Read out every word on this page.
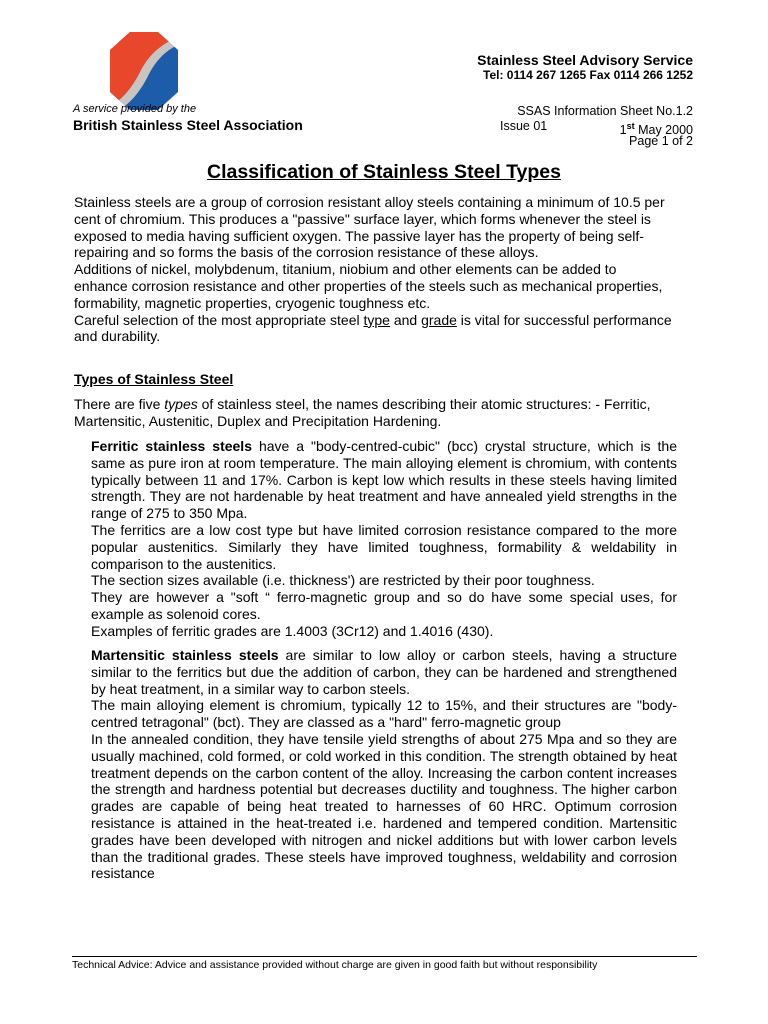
A service provided by the
British Stainless Steel Association
Stainless Steel Advisory Service
Tel: 0114 267 1265 Fax 0114 266 1252
SSAS Information Sheet No.1.2
Issue 01	1st May 2000
Page 1 of 2
Classification of Stainless Steel Types

Stainless steels are a group of corrosion resistant alloy steels containing a minimum of 10.5 per cent of chromium. This produces a "passive" surface layer, which forms whenever the steel is exposed to media having sufficient oxygen. The passive layer has the property of being self-repairing and so forms the basis of the corrosion resistance of these alloys.

Additions of nickel, molybdenum, titanium, niobium and other elements can be added to enhance corrosion resistance and other properties of the steels such as mechanical properties, formability, magnetic properties, cryogenic toughness etc.

Careful selection of the most appropriate steel type and grade is vital for successful performance and durability.

Types of Stainless Steel

There are five types of stainless steel, the names describing their atomic structures: - Ferritic, Martensitic, Austenitic, Duplex and Precipitation Hardening.

Ferritic stainless steels have a "body-centred-cubic" (bcc) crystal structure, which is the same as pure iron at room temperature. The main alloying element is chromium, with contents typically between 11 and 17%. Carbon is kept low which results in these steels having limited strength. They are not hardenable by heat treatment and have annealed yield strengths in the range of 275 to 350 Mpa.

The ferritics are a low cost type but have limited corrosion resistance compared to the more popular austenitics. Similarly they have limited toughness, formability & weldability in comparison to the austenitics.

The section sizes available (i.e. thickness') are restricted by their poor toughness.

They are however a "soft “ ferro-magnetic group and so do have some special uses, for example as solenoid cores.

Examples of ferritic grades are 1.4003 (3Cr12) and 1.4016 (430).

Martensitic stainless steels are similar to low alloy or carbon steels, having a structure similar to the ferritics but due the addition of carbon, they can be hardened and strengthened by heat treatment, in a similar way to carbon steels.

The main alloying element is chromium, typically 12 to 15%, and their structures are "body-centred tetragonal" (bct). They are classed as a "hard" ferro-magnetic group

In the annealed condition, they have tensile yield strengths of about 275 Mpa and so they are usually machined, cold formed, or cold worked in this condition. The strength obtained by heat treatment depends on the carbon content of the alloy. Increasing the carbon content increases the strength and hardness potential but decreases ductility and toughness. The higher carbon grades are capable of being heat treated to harnesses of 60 HRC. Optimum corrosion resistance is attained in the heat-treated i.e. hardened and tempered condition. Martensitic grades have been developed with nitrogen and nickel additions but with lower carbon levels than the traditional grades. These steels have improved toughness, weldability and corrosion resistance

Technical Advice: Advice and assistance provided without charge are given in good faith but without responsibility
